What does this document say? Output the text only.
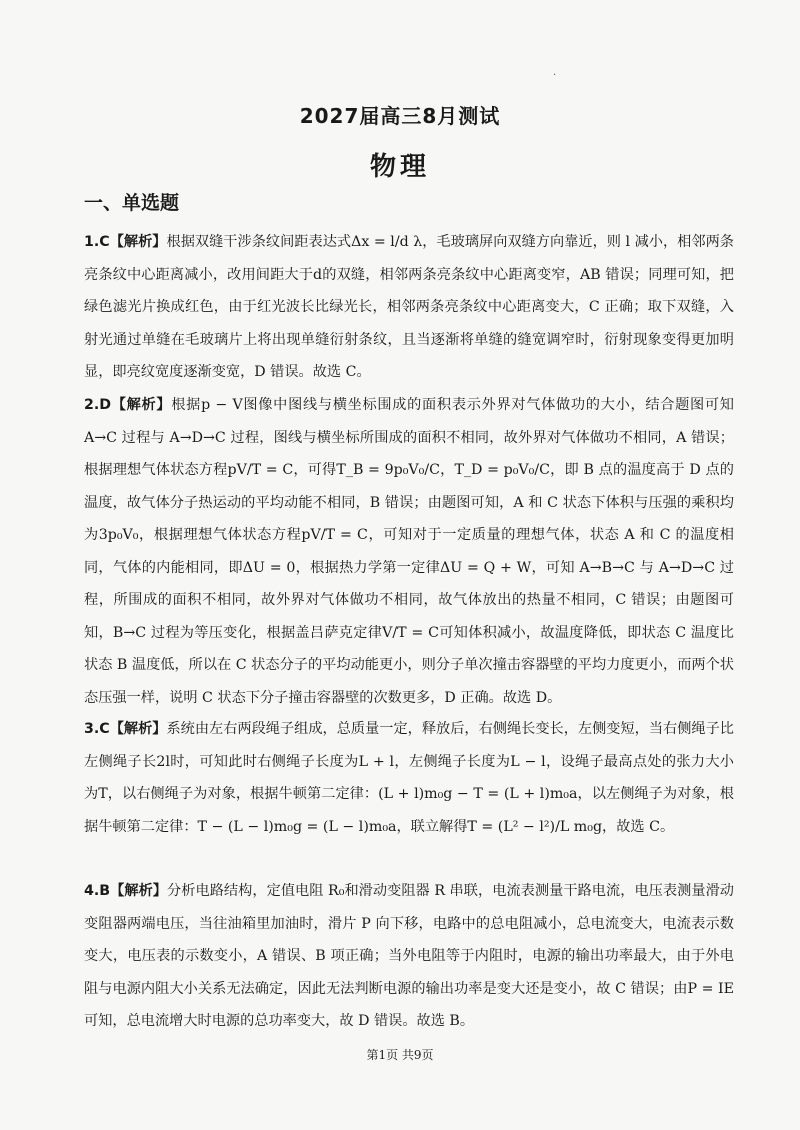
·
2027届高三8月测试
物理
一、单选题
1.C【解析】根据双缝干涉条纹间距表达式Δx = l/d λ，毛玻璃屏向双缝方向靠近，则 l 减小，相邻两条亮条纹中心距离减小，改用间距大于d的双缝，相邻两条亮条纹中心距离变窄，AB 错误；同理可知，把绿色滤光片换成红色，由于红光波长比绿光长，相邻两条亮条纹中心距离变大，C 正确；取下双缝，入射光通过单缝在毛玻璃片上将出现单缝衍射条纹，且当逐渐将单缝的缝宽调窄时，衍射现象变得更加明显，即亮纹宽度逐渐变宽，D 错误。故选 C。
2.D【解析】根据p − V图像中图线与横坐标围成的面积表示外界对气体做功的大小，结合题图可知 A→C 过程与 A→D→C 过程，图线与横坐标所围成的面积不相同，故外界对气体做功不相同，A 错误；根据理想气体状态方程pV/T = C，可得T_B = 9p₀V₀/C，T_D = p₀V₀/C，即 B 点的温度高于 D 点的温度，故气体分子热运动的平均动能不相同，B 错误；由题图可知，A 和 C 状态下体积与压强的乘积均为3p₀V₀，根据理想气体状态方程pV/T = C，可知对于一定质量的理想气体，状态 A 和 C 的温度相同，气体的内能相同，即ΔU = 0，根据热力学第一定律ΔU = Q + W，可知 A→B→C 与 A→D→C 过程，所围成的面积不相同，故外界对气体做功不相同，故气体放出的热量不相同，C 错误；由题图可知，B→C 过程为等压变化，根据盖吕萨克定律V/T = C可知体积减小，故温度降低，即状态 C 温度比状态 B 温度低，所以在 C 状态分子的平均动能更小，则分子单次撞击容器壁的平均力度更小，而两个状态压强一样，说明 C 状态下分子撞击容器壁的次数更多，D 正确。故选 D。
3.C【解析】系统由左右两段绳子组成，总质量一定，释放后，右侧绳长变长，左侧变短，当右侧绳子比左侧绳子长2l时，可知此时右侧绳子长度为L + l，左侧绳子长度为L − l，设绳子最高点处的张力大小为T，以右侧绳子为对象，根据牛顿第二定律：(L + l)m₀g − T = (L + l)m₀a，以左侧绳子为对象，根据牛顿第二定律：T − (L − l)m₀g = (L − l)m₀a，联立解得T = (L² − l²)/L m₀g，故选 C。
4.B【解析】分析电路结构，定值电阻 R₀和滑动变阻器 R 串联，电流表测量干路电流，电压表测量滑动变阻器两端电压，当往油箱里加油时，滑片 P 向下移，电路中的总电阻减小，总电流变大，电流表示数变大，电压表的示数变小，A 错误、B 项正确；当外电阻等于内阻时，电源的输出功率最大，由于外电阻与电源内阻大小关系无法确定，因此无法判断电源的输出功率是变大还是变小，故 C 错误；由P = IE可知，总电流增大时电源的总功率变大，故 D 错误。故选 B。
第1页 共9页
